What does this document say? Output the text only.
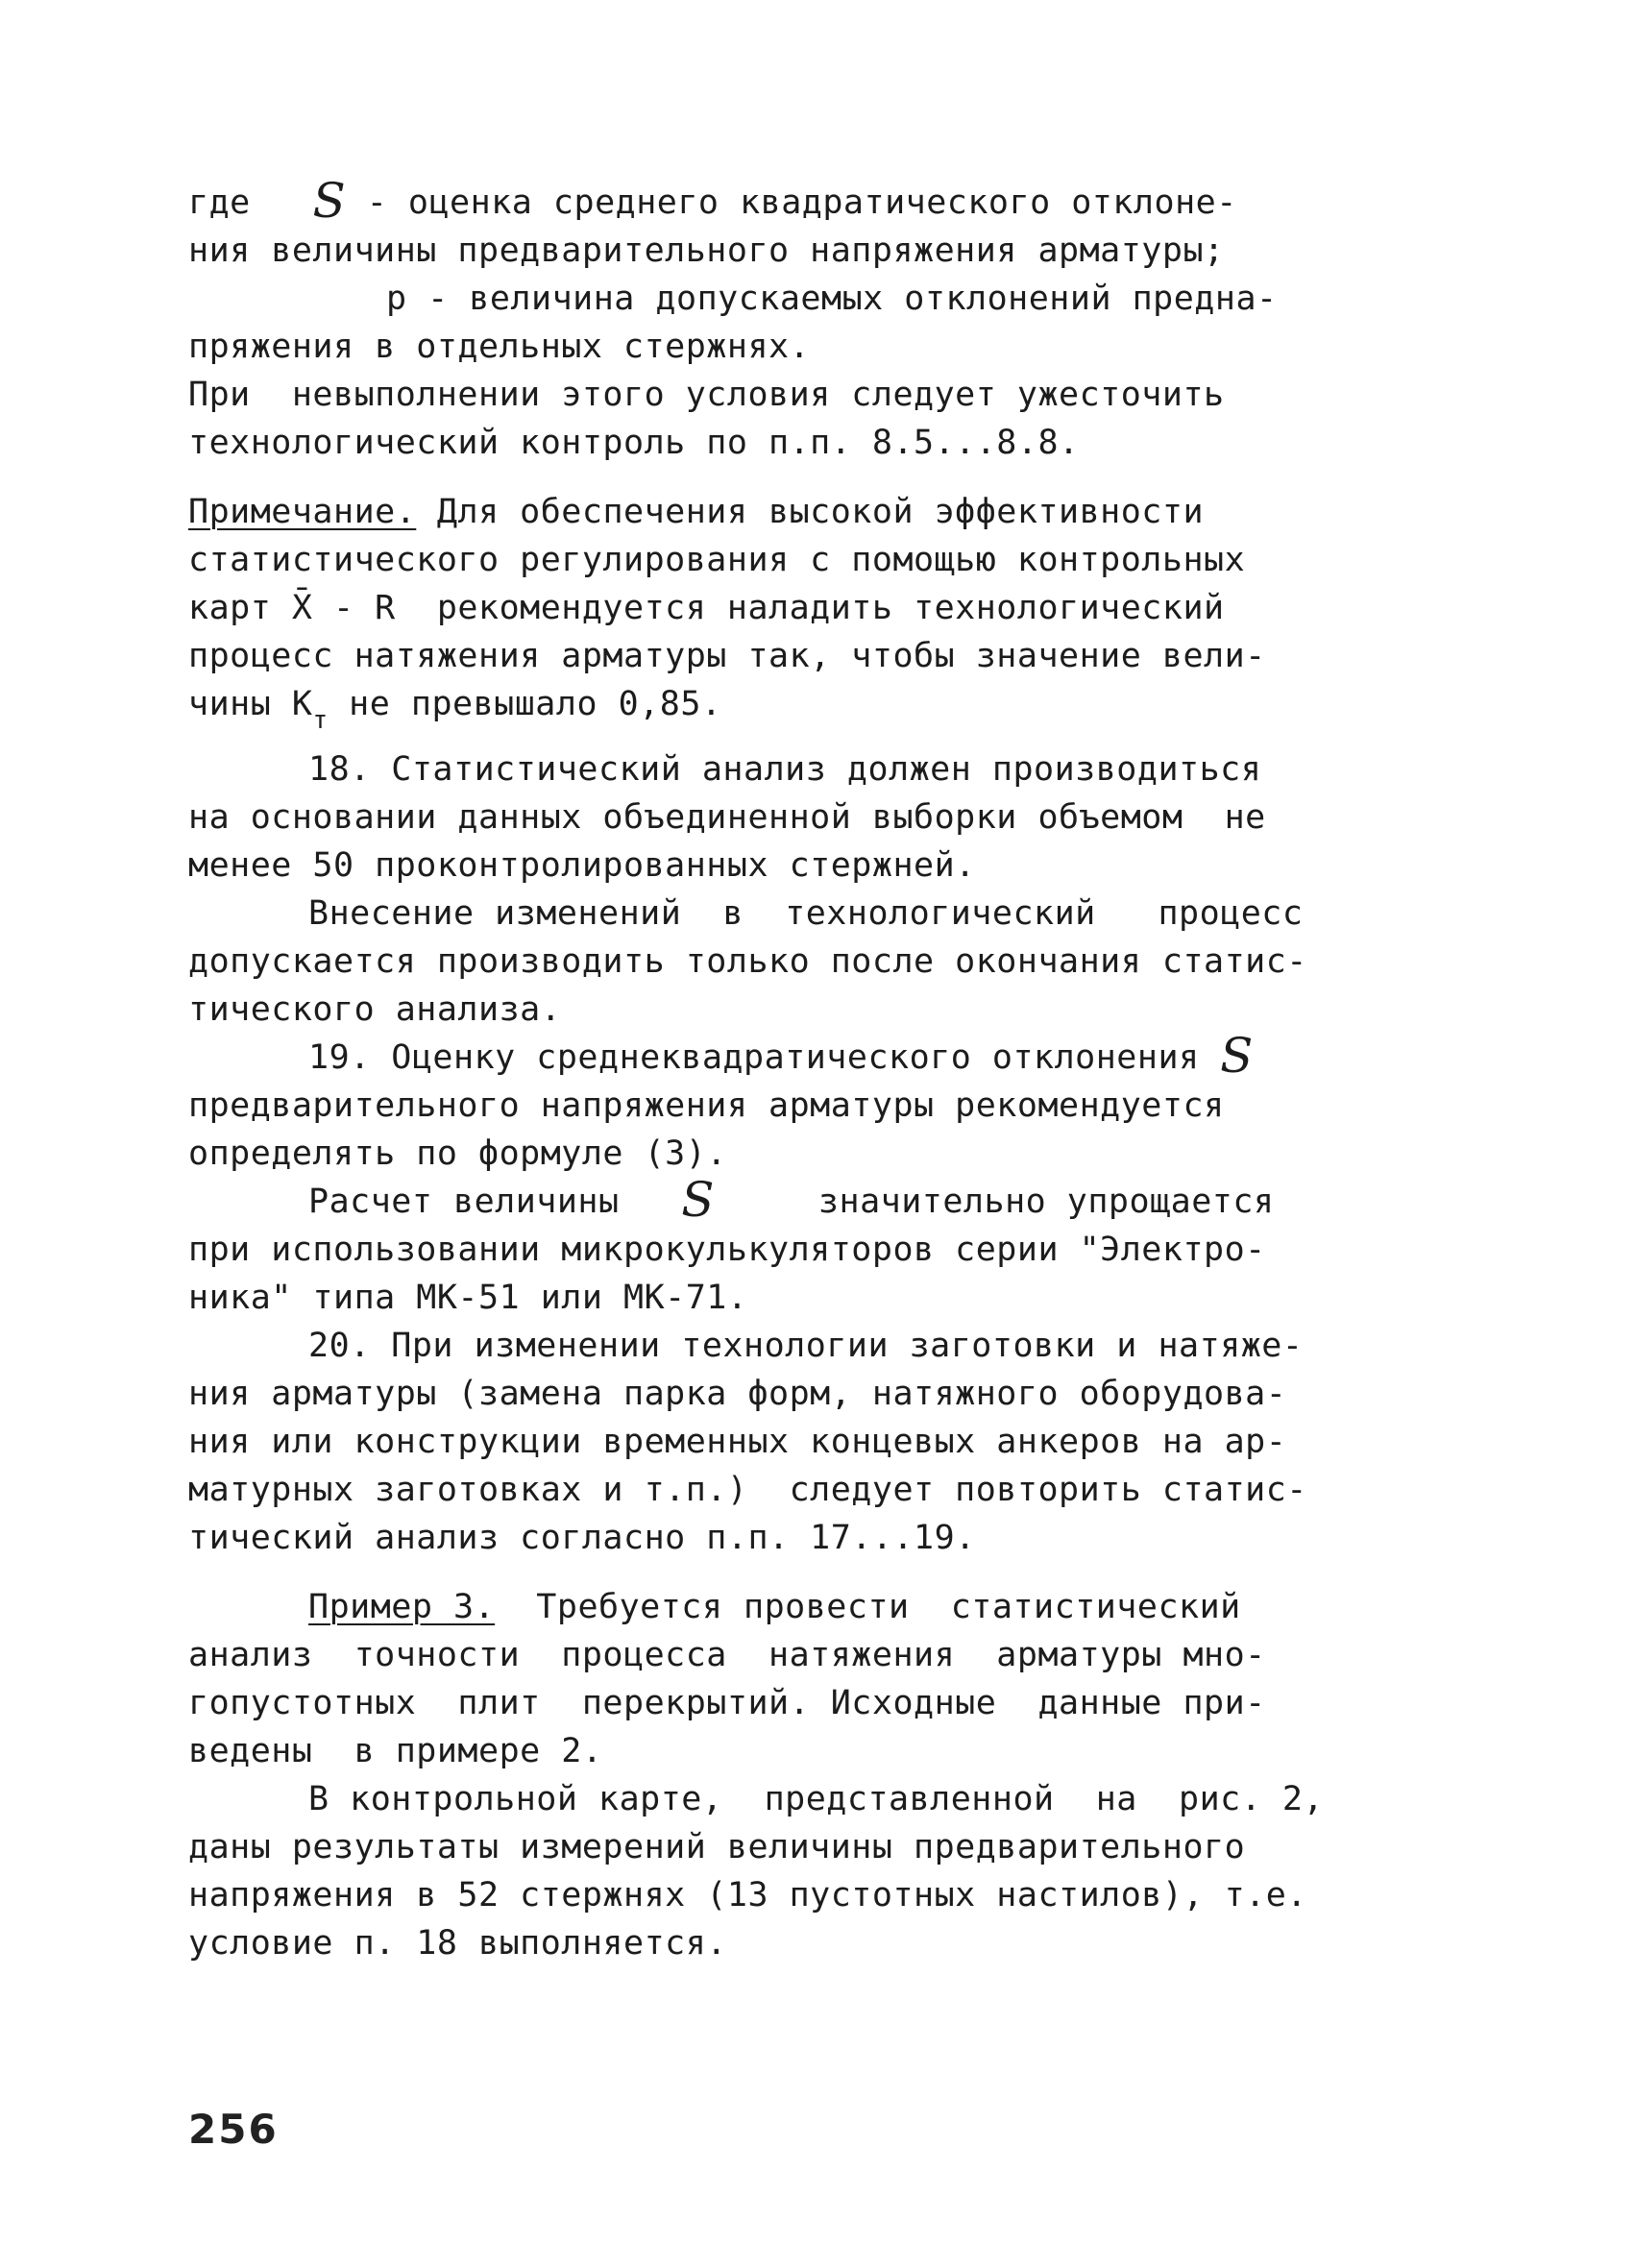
где   S - оценка среднего квадратического отклоне-
ния величины предварительного напряжения арматуры;
p - величина допускаемых отклонений предна-
пряжения в отдельных стержнях.
При  невыполнении этого условия следует ужесточить
технологический контроль по п.п. 8.5...8.8.
Примечание. Для обеспечения высокой эффективности
статистического регулирования с помощью контрольных
карт X̄ - R  рекомендуется наладить технологический
процесс натяжения арматуры так, чтобы значение вели-
чины $К_т$ не превышало 0,85.
18. Статистический анализ должен производиться
на основании данных объединенной выборки объемом  не
менее 50 проконтролированных стержней.
Внесение изменений  в  технологический   процесс
допускается производить только после окончания статис-
тического анализа.
19. Оценку среднеквадратического отклонения S
предварительного напряжения арматуры рекомендуется
определять по формуле (3).
Расчет величины   S     значительно упрощается
при использовании микрокулькуляторов серии "Электро-
ника" типа МК-51 или МК-71.
20. При изменении технологии заготовки и натяже-
ния арматуры (замена парка форм, натяжного оборудова-
ния или конструкции временных концевых анкеров на ар-
матурных заготовках и т.п.)  следует повторить статис-
тический анализ согласно п.п. 17...19.
Пример 3.  Требуется провести  статистический
анализ  точности  процесса  натяжения  арматуры мно-
гопустотных  плит  перекрытий. Исходные  данные при-
ведены  в примере 2.
В контрольной карте,  представленной  на  рис. 2,
даны результаты измерений величины предварительного
напряжения в 52 стержнях (13 пустотных настилов), т.е.
условие п. 18 выполняется.
256
